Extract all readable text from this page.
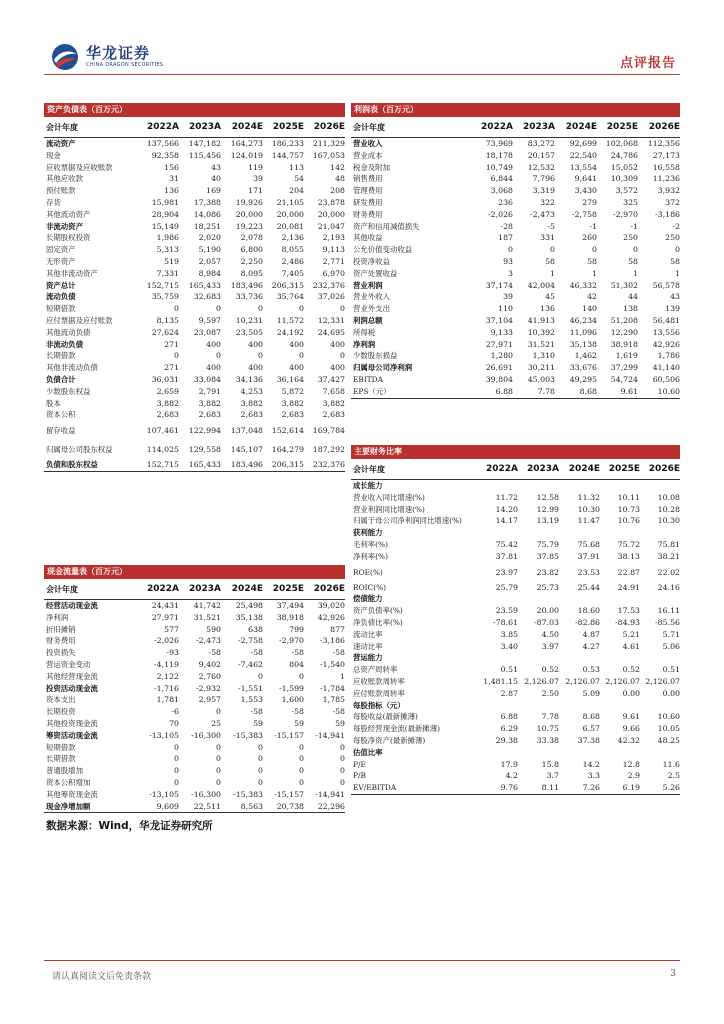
华龙证券
CHINA DRAGON SECURITIES	点评报告
资产负债表（百万元）
会计年度	2022A	2023A	2024E	2025E	2026E
流动资产	137,566	147,182	164,273	186,233	211,329
现金	92,358	115,456	124,019	144,757	167,053
应收票据及应收账款	156	43	119	113	142
其他应收款	31	40	39	54	48
预付账款	136	169	171	204	208
存货	15,981	17,388	19,926	21,105	23,878
其他流动资产	28,904	14,086	20,000	20,000	20,000
非流动资产	15,149	18,251	19,223	20,081	21,047
长期股权投资	1,986	2,020	2,078	2,136	2,193
固定资产	5,313	5,190	6,800	8,055	9,113
无形资产	519	2,057	2,250	2,486	2,771
其他非流动资产	7,331	8,984	8,095	7,405	6,970
资产总计	152,715	165,433	183,496	206,315	232,376
流动负债	35,759	32,683	33,736	35,764	37,026
短期借款	0	0	0	0	0
应付票据及应付账款	8,135	9,597	10,231	11,572	12,331
其他流动负债	27,624	23,087	23,505	24,192	24,695
非流动负债	271	400	400	400	400
长期借款	0	0	0	0	0
其他非流动负债	271	400	400	400	400
负债合计	36,031	33,084	34,136	36,164	37,427
少数股东权益	2,659	2,791	4,253	5,872	7,658
股本	3,882	3,882	3,882	3,882	3,882
资本公积	2,683	2,683	2,683	2,683	2,683
留存收益	107,461	122,994	137,048	152,614	169,784
归属母公司股东权益	114,025	129,558	145,107	164,279	187,292
负债和股东权益	152,715	165,433	183,496	206,315	232,376
利润表（百万元）
会计年度	2022A	2023A	2024E	2025E	2026E
营业收入	73,969	83,272	92,699	102,068	112,356
营业成本	18,178	20,157	22,540	24,786	27,173
税金及附加	10,749	12,532	13,554	15,052	16,558
销售费用	6,844	7,796	9,641	10,309	11,236
管理费用	3,068	3,319	3,430	3,572	3,932
研发费用	236	322	279	325	372
财务费用	-2,026	-2,473	-2,758	-2,970	-3,186
资产和信用减值损失	-28	-5	-1	-1	-2
其他收益	187	331	260	250	250
公允价值变动收益	0	0	0	0	0
投资净收益	93	58	58	58	58
资产处置收益	3	1	1	1	1
营业利润	37,174	42,004	46,332	51,302	56,578
营业外收入	39	45	42	44	43
营业外支出	110	136	140	138	139
利润总额	37,104	41,913	46,234	51,208	56,481
所得税	9,133	10,392	11,096	12,290	13,556
净利润	27,971	31,521	35,138	38,918	42,926
少数股东损益	1,280	1,310	1,462	1,619	1,786
归属母公司净利润	26,691	30,211	33,676	37,299	41,140
EBITDA	39,804	45,003	49,295	54,724	60,506
EPS（元）	6.88	7.78	8.68	9.61	10.60
现金流量表（百万元）
会计年度	2022A	2023A	2024E	2025E	2026E
经营活动现金流	24,431	41,742	25,498	37,494	39,020
净利润	27,971	31,521	35,138	38,918	42,926
折旧摊销	577	590	638	799	877
财务费用	-2,026	-2,473	-2,758	-2,970	-3,186
投资损失	-93	-58	-58	-58	-58
营运资金变动	-4,119	9,402	-7,462	804	-1,540
其他经营现金流	2,122	2,760	0	0	1
投资活动现金流	-1,716	-2,932	-1,551	-1,599	-1,784
资本支出	1,781	2,957	1,553	1,600	1,785
长期投资	-6	0	-58	-58	-58
其他投资现金流	70	25	59	59	59
筹资活动现金流	-13,105	-16,300	-15,383	-15,157	-14,941
短期借款	0	0	0	0	0
长期借款	0	0	0	0	0
普通股增加	0	0	0	0	0
资本公积增加	0	0	0	0	0
其他筹资现金流	-13,105	-16,300	-15,383	-15,157	-14,941
现金净增加额	9,609	22,511	8,563	20,738	22,296
主要财务比率
会计年度	2022A	2023A	2024E	2025E	2026E
成长能力					
营业收入同比增速(%)	11.72	12.58	11.32	10.11	10.08
营业利润同比增速(%)	14.20	12.99	10.30	10.73	10.28
归属于母公司净利润同比增速(%)	14.17	13.19	11.47	10.76	10.30
获利能力					
毛利率(%)	75.42	75.79	75.68	75.72	75.81
净利率(%)	37.81	37.85	37.91	38.13	38.21
ROE(%)	23.97	23.82	23.53	22.87	22.02
ROIC(%)	25.79	25.73	25.44	24.91	24.16
偿债能力					
资产负债率(%)	23.59	20.00	18.60	17.53	16.11
净负债比率(%)	-78.61	-87.03	-82.86	-84.93	-85.56
流动比率	3.85	4.50	4.87	5.21	5.71
速动比率	3.40	3.97	4.27	4.61	5.06
营运能力					
总资产周转率	0.51	0.52	0.53	0.52	0.51
应收账款周转率	1,481.15	2,126.07	2,126.07	2,126.07	2,126.07
应付账款周转率	2.87	2.50	5.09	0.00	0.00
每股指标（元）					
每股收益(最新摊薄)	6.88	7.78	8.68	9.61	10.60
每股经营现金流(最新摊薄)	6.29	10.75	6.57	9.66	10.05
每股净资产(最新摊薄)	29.38	33.38	37.38	42.32	48.25
估值比率					
P/E	17.9	15.8	14.2	12.8	11.6
P/B	4.2	3.7	3.3	2.9	2.5
EV/EBITDA	9.76	8.11	7.26	6.19	5.26
数据来源：Wind，华龙证券研究所
请认真阅读文后免责条款	3
